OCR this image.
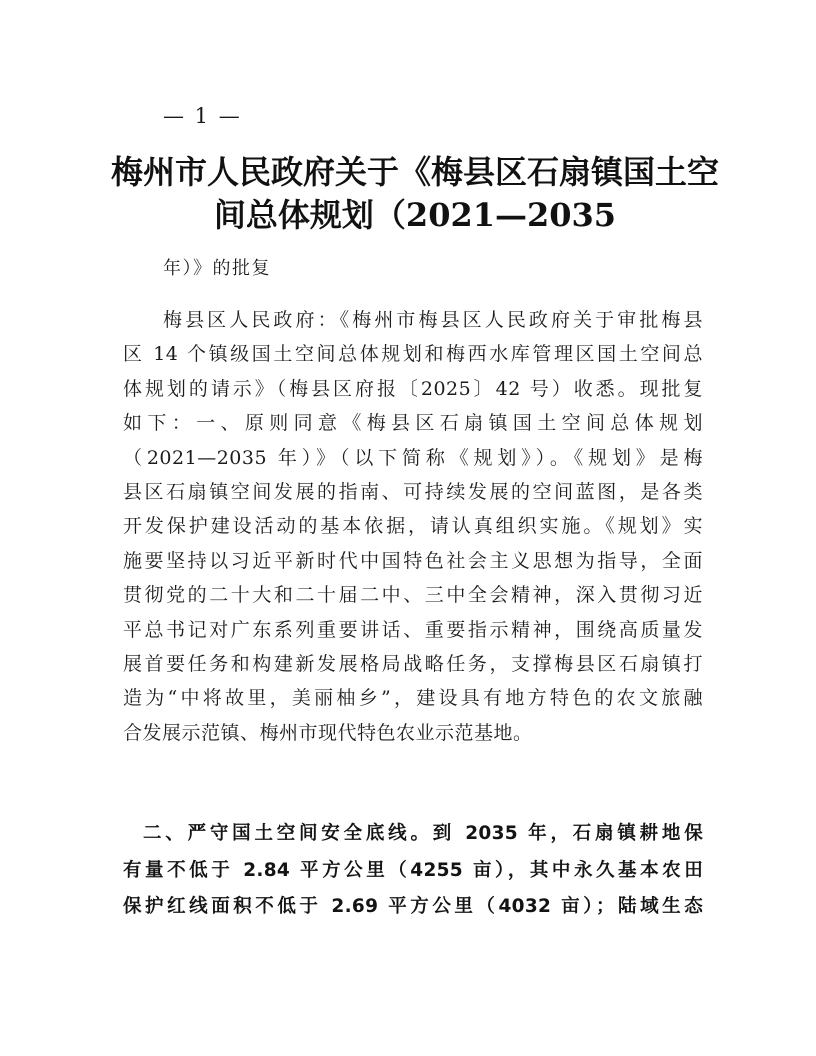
— 1 —
梅州市人民政府关于《梅县区石扇镇国土空
间总体规划（2021—2035
年）》的批复
梅县区人民政府：《梅州市梅县区人民政府关于审批梅县
区 14 个镇级国土空间总体规划和梅西水库管理区国土空间总
体规划的请示》（梅县区府报〔2025〕42 号）收悉。现批复
如下：一、原则同意《梅县区石扇镇国土空间总体规划
（2021—2035 年）》（以下简称《规划》）。《规划》是梅
县区石扇镇空间发展的指南、可持续发展的空间蓝图，是各类
开发保护建设活动的基本依据，请认真组织实施。《规划》实
施要坚持以习近平新时代中国特色社会主义思想为指导，全面
贯彻党的二十大和二十届二中、三中全会精神，深入贯彻习近
平总书记对广东系列重要讲话、重要指示精神，围绕高质量发
展首要任务和构建新发展格局战略任务，支撑梅县区石扇镇打
造为“中将故里，美丽柚乡”，建设具有地方特色的农文旅融
合发展示范镇、梅州市现代特色农业示范基地。
二、严守国土空间安全底线。到 2035 年，石扇镇耕地保
有量不低于 2.84 平方公里（4255 亩），其中永久基本农田
保护红线面积不低于 2.69 平方公里（4032 亩）；陆域生态
